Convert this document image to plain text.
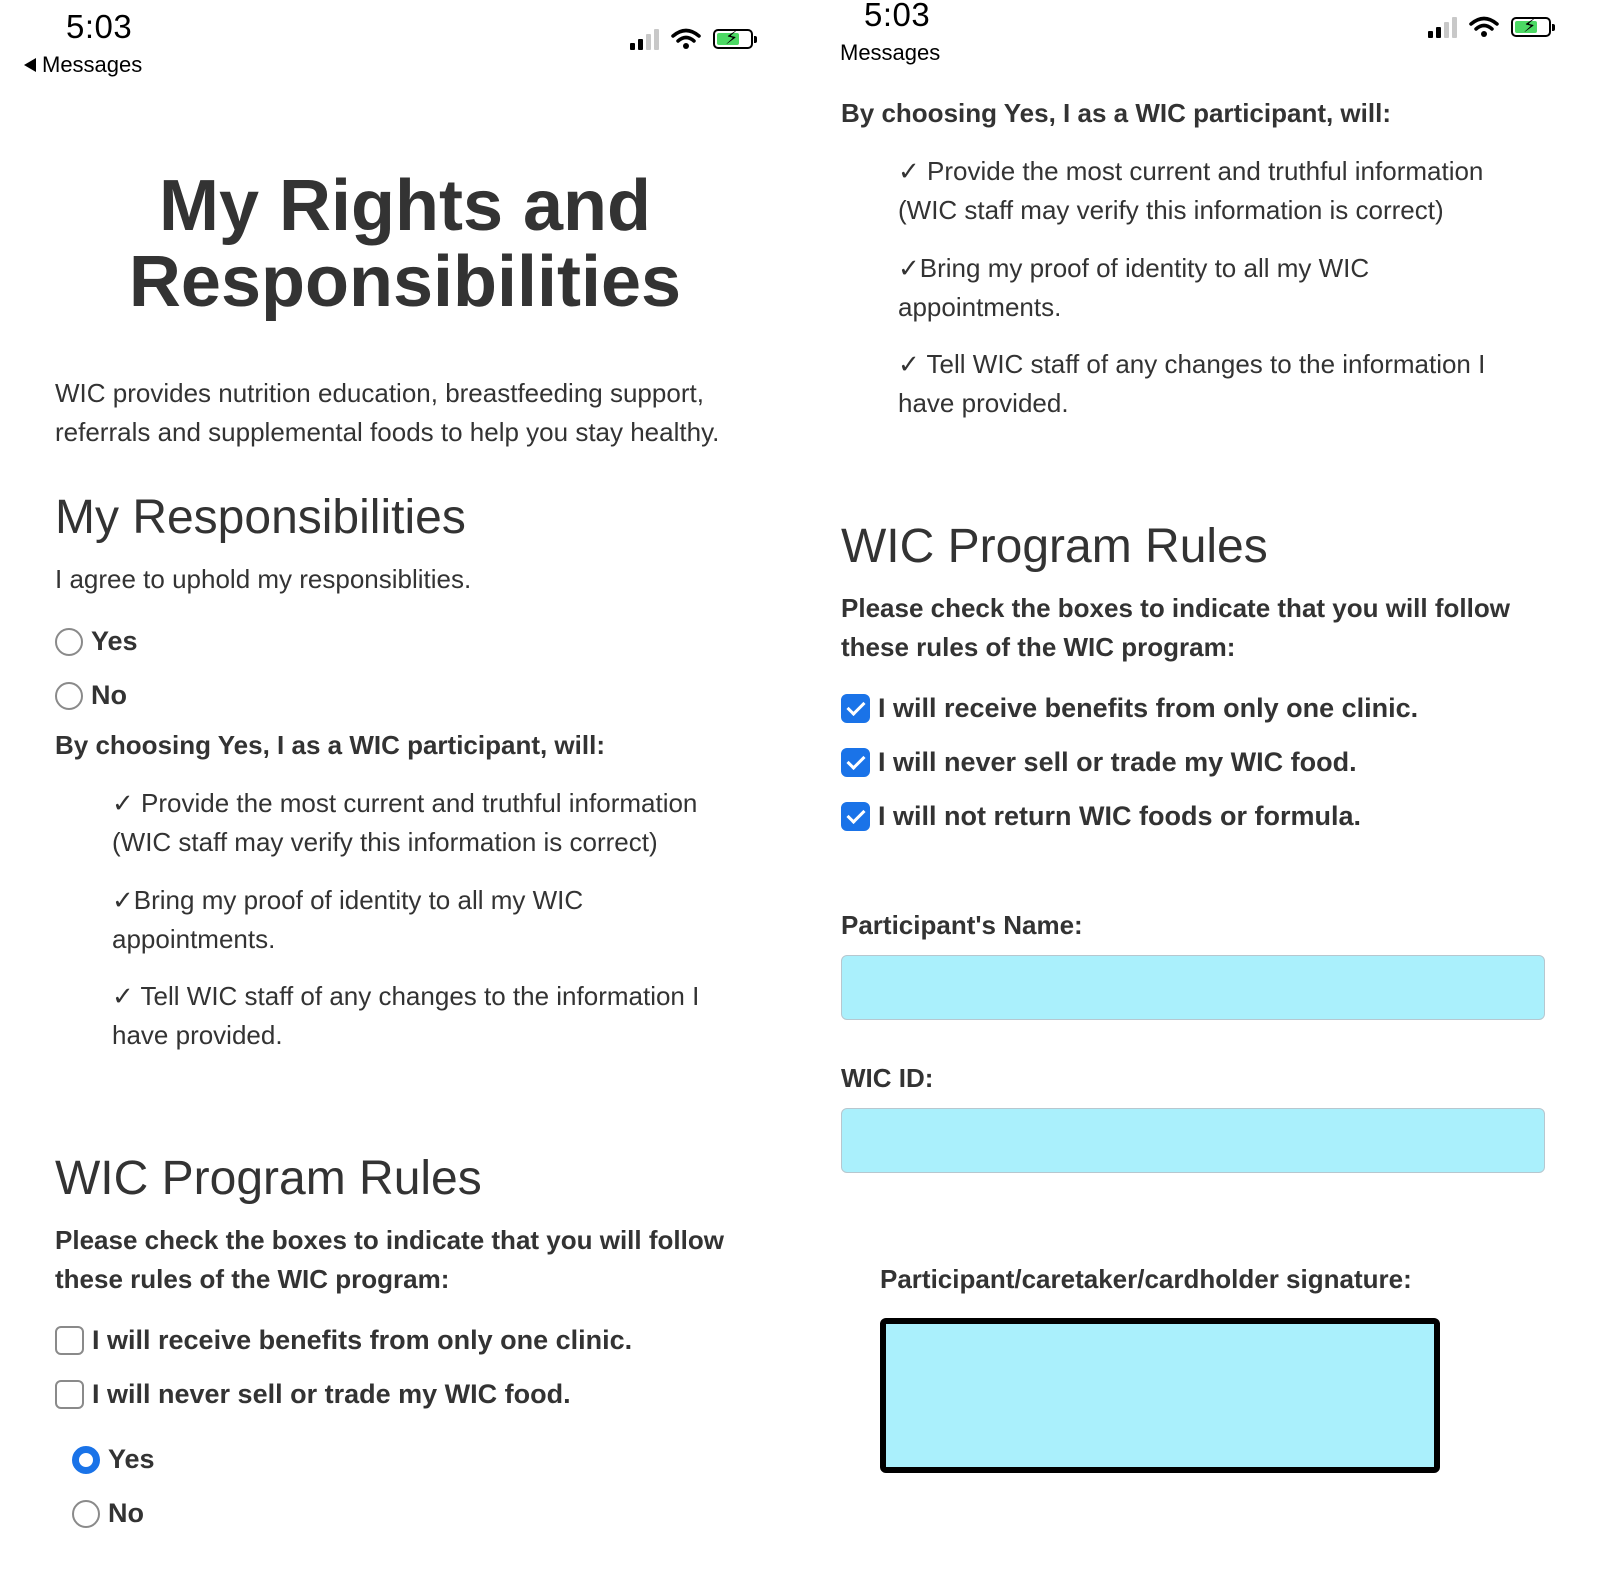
5:03
Messages
⚡
My Rights and
Responsibilities
WIC provides nutrition education, breastfeeding support,
referrals and supplemental foods to help you stay healthy.
My Responsibilities
I agree to uphold my responsiblities.
Yes
No
By choosing Yes, I as a WIC participant, will:
✓ Provide the most current and truthful information
(WIC staff may verify this information is correct)
✓Bring my proof of identity to all my WIC
appointments.
✓ Tell WIC staff of any changes to the information I
have provided.
WIC Program Rules
Please check the boxes to indicate that you will follow
these rules of the WIC program:
I will receive benefits from only one clinic.
I will never sell or trade my WIC food.
Yes
No
5:03
Messages
⚡
By choosing Yes, I as a WIC participant, will:
✓ Provide the most current and truthful information
(WIC staff may verify this information is correct)
✓Bring my proof of identity to all my WIC
appointments.
✓ Tell WIC staff of any changes to the information I
have provided.
WIC Program Rules
Please check the boxes to indicate that you will follow
these rules of the WIC program:
I will receive benefits from only one clinic.
I will never sell or trade my WIC food.
I will not return WIC foods or formula.
Participant's Name:
WIC ID:
Participant/caretaker/cardholder signature:
